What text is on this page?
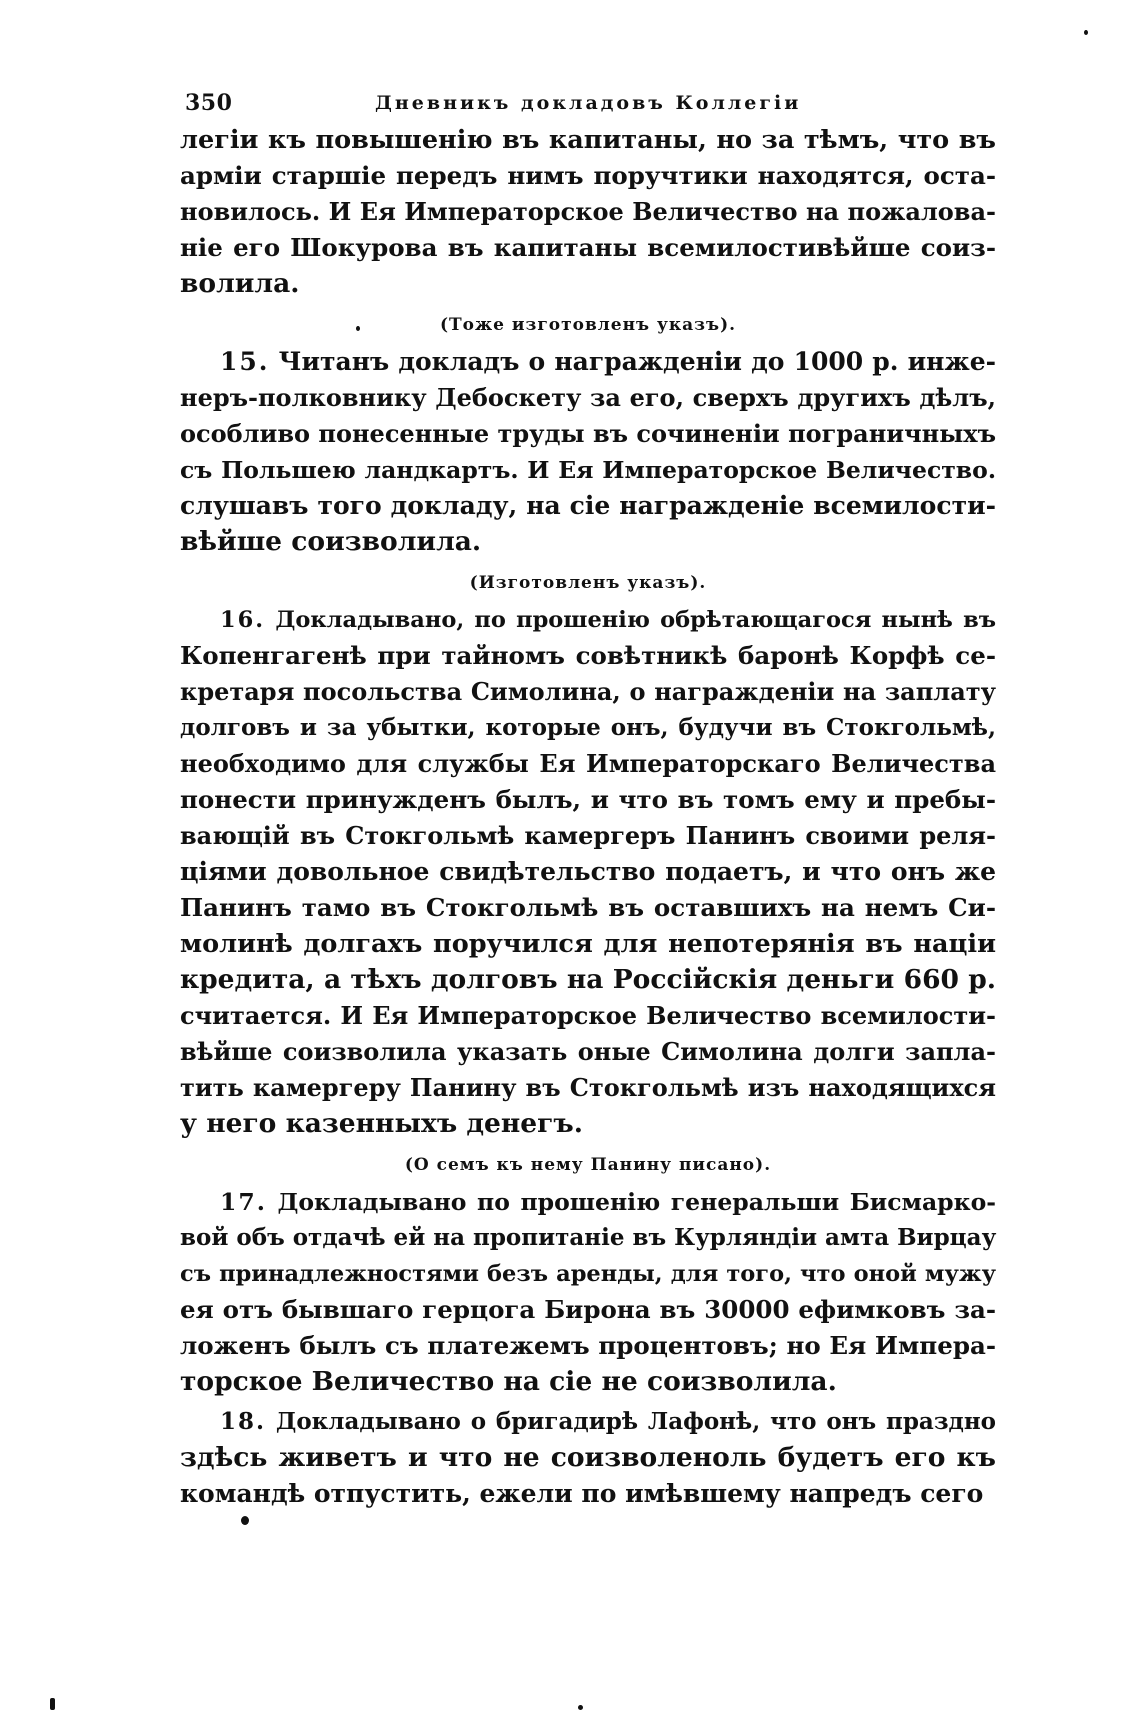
350	Дневникъ докладовъ Коллегіи
легіи къ повышенію въ капитаны, но за тѣмъ, что въ
арміи старшіе передъ нимъ поручтики находятся, оста-
новилось. И Ея Императорское Величество на пожалова-
ніе его Шокурова въ капитаны всемилостивѣйше соиз-
волила.
(Тоже изготовленъ указъ).
15. Читанъ докладъ о награжденіи до 1000 р. инже-
неръ-полковнику Дебоскету за его, сверхъ другихъ дѣлъ,
особливо понесенные труды въ сочиненіи пограничныхъ
съ Польшею ландкартъ. И Ея Императорское Величество.
слушавъ того докладу, на сіе награжденіе всемилости-
вѣйше соизволила.
(Изготовленъ указъ).
16. Докладывано, по прошенію обрѣтающагося нынѣ въ
Копенгагенѣ при тайномъ совѣтникѣ баронѣ Корфѣ се-
кретаря посольства Симолина, о награжденіи на заплату
долговъ и за убытки, которые онъ, будучи въ Стокгольмѣ,
необходимо для службы Ея Императорскаго Величества
понести принужденъ былъ, и что въ томъ ему и пребы-
вающій въ Стокгольмѣ камергеръ Панинъ своими реля-
ціями довольное свидѣтельство подаетъ, и что онъ же
Панинъ тамо въ Стокгольмѣ въ оставшихъ на немъ Си-
молинѣ долгахъ поручился для непотерянія въ націи
кредита, а тѣхъ долговъ на Россійскія деньги 660 р.
считается. И Ея Императорское Величество всемилости-
вѣйше соизволила указать оные Симолина долги запла-
тить камергеру Панину въ Стокгольмѣ изъ находящихся
у него казенныхъ денегъ.
(О семъ къ нему Панину писано).
17. Докладывано по прошенію генеральши Бисмарко-
вой объ отдачѣ ей на пропитаніе въ Курляндіи амта Вирцау
съ принадлежностями безъ аренды, для того, что оной мужу
ея отъ бывшаго герцога Бирона въ 30000 ефимковъ за-
ложенъ былъ съ платежемъ процентовъ; но Ея Импера-
торское Величество на сіе не соизволила.
18. Докладывано о бригадирѣ Лафонѣ, что онъ праздно
здѣсь живетъ и что не соизволеноль будетъ его къ
командѣ отпустить, ежели по имѣвшему напредъ сего
